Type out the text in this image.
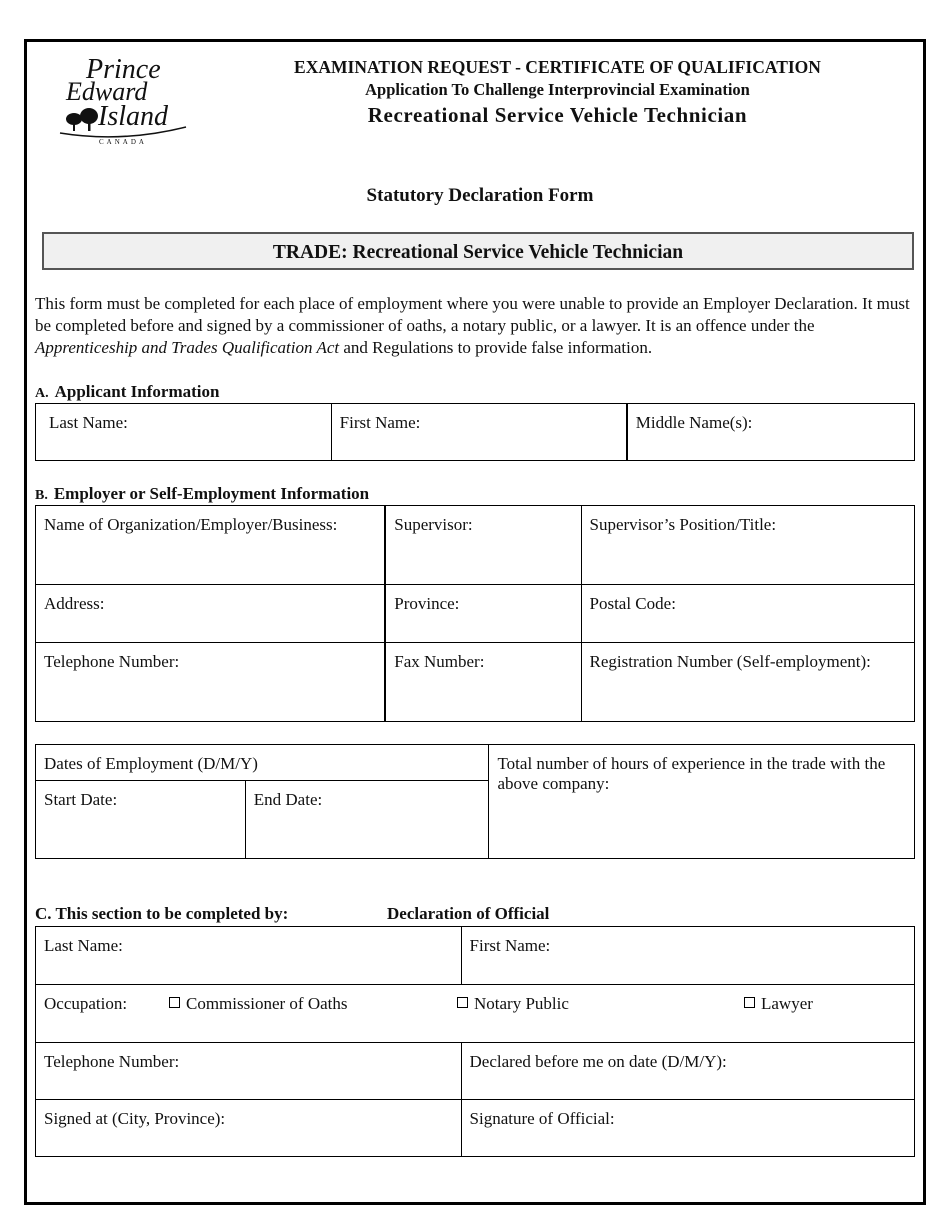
Prince
Edward
Island
CANADA
EXAMINATION REQUEST - CERTIFICATE OF QUALIFICATION
Application To Challenge Interprovincial Examination
Recreational Service Vehicle Technician
Statutory Declaration Form
TRADE: Recreational Service Vehicle Technician
This form must be completed for each place of employment where you were unable to provide an Employer Declaration. It must be completed before and signed by a commissioner of oaths, a notary public, or a lawyer. It is an offence under the Apprenticeship and Trades Qualification Act and Regulations to provide false information.
A. Applicant Information
Last Name:	First Name:	Middle Name(s):
B. Employer or Self-Employment Information
Name of Organization/Employer/Business:	Supervisor:	Supervisor’s Position/Title:
Address:	Province:	Postal Code:
Telephone Number:	Fax Number:	Registration Number (Self-employment):
Dates of Employment (D/M/Y)		Total number of hours of experience in the trade with the above company:
Start Date:	End Date:	
C. This section to be completed by:	Declaration of Official
Last Name:	First Name:

Occupation: Commissioner of Oaths Notary Public Lawyer	

Telephone Number:	Declared before me on date (D/M/Y):
Signed at (City, Province):	Signature of Official:
